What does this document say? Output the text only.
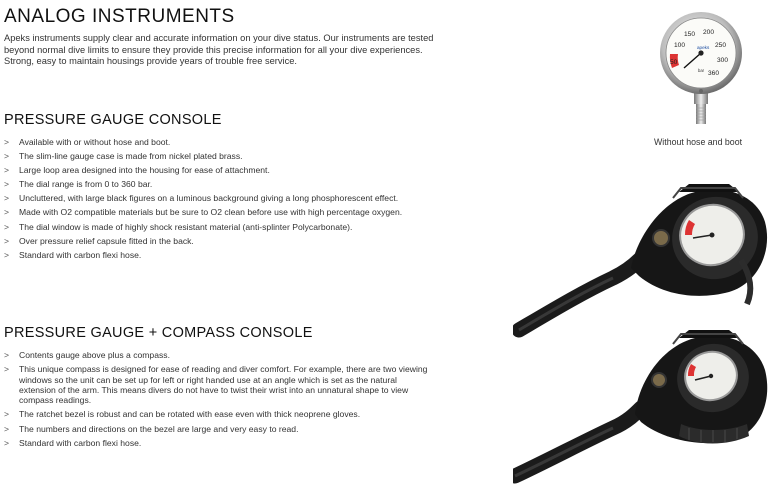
ANALOG INSTRUMENTS
Apeks instruments supply clear and accurate information on your dive status. Our instruments are tested beyond normal dive limits to ensure they provide this precise information for all your dive experiences. Strong, easy to maintain housings provide years of trouble free service.
PRESSURE GAUGE CONSOLE
> Available with or without hose and boot.
> The slim-line gauge case is made from nickel plated brass.
> Large loop area designed into the housing for ease of attachment.
> The dial range is from 0 to 360 bar.
> Uncluttered, with large black figures on a luminous background giving a long phosphorescent effect.
> Made with O2 compatible materials but be sure to O2 clean before use with high percentage oxygen.
> The dial window is made of highly shock resistant material (anti-splinter Polycarbonate).
> Over pressure relief capsule fitted in the back.
> Standard with carbon flexi hose.
PRESSURE GAUGE + COMPASS CONSOLE
> Contents gauge above plus a compass.
> This unique compass is designed for ease of reading and diver comfort. For example, there are two viewing windows so the unit can be set up for left or right handed use at an angle which is set as the natural extension of the arm. This means divers do not have to twist their wrist into an unnatural shape to view compass readings.
> The ratchet bezel is robust and can be rotated with ease even with thick neoprene gloves.
> The numbers and directions on the bezel are large and very easy to read.
> Standard with carbon flexi hose.
50
100
150 200
250
300
360
apeks
bar
Without hose and boot
